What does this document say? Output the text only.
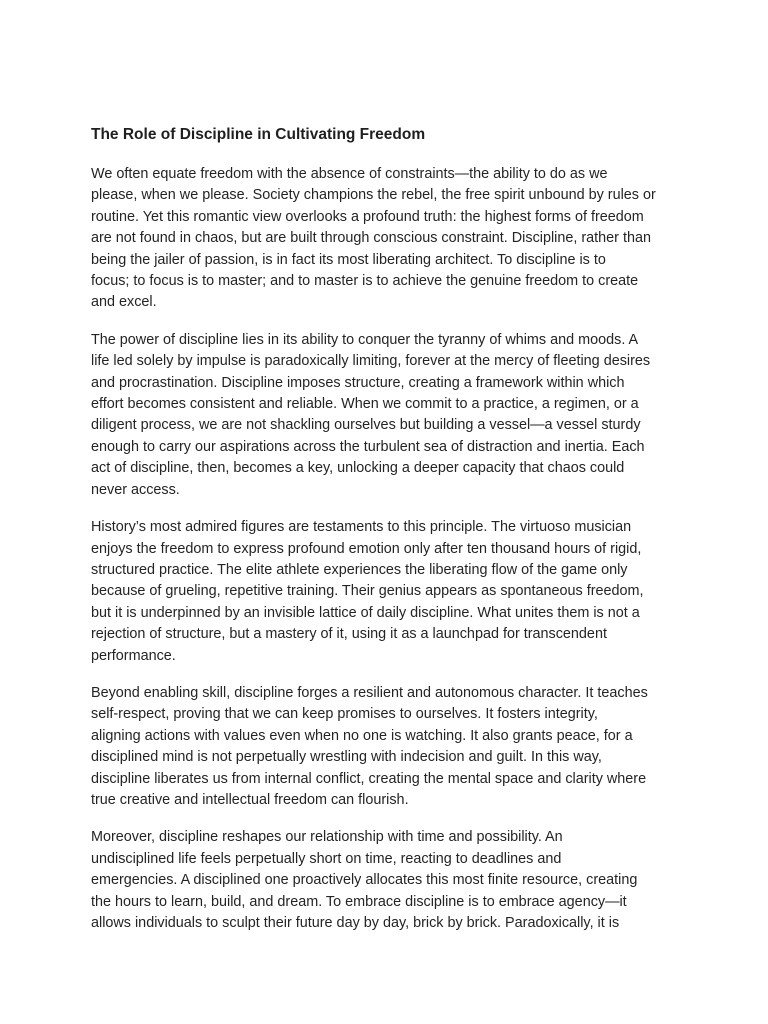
The Role of Discipline in Cultivating Freedom

We often equate freedom with the absence of constraints—the ability to do as we
please, when we please. Society champions the rebel, the free spirit unbound by rules or
routine. Yet this romantic view overlooks a profound truth: the highest forms of freedom
are not found in chaos, but are built through conscious constraint. Discipline, rather than
being the jailer of passion, is in fact its most liberating architect. To discipline is to
focus; to focus is to master; and to master is to achieve the genuine freedom to create
and excel.

The power of discipline lies in its ability to conquer the tyranny of whims and moods. A
life led solely by impulse is paradoxically limiting, forever at the mercy of fleeting desires
and procrastination. Discipline imposes structure, creating a framework within which
effort becomes consistent and reliable. When we commit to a practice, a regimen, or a
diligent process, we are not shackling ourselves but building a vessel—a vessel sturdy
enough to carry our aspirations across the turbulent sea of distraction and inertia. Each
act of discipline, then, becomes a key, unlocking a deeper capacity that chaos could
never access.

History’s most admired figures are testaments to this principle. The virtuoso musician
enjoys the freedom to express profound emotion only after ten thousand hours of rigid,
structured practice. The elite athlete experiences the liberating flow of the game only
because of grueling, repetitive training. Their genius appears as spontaneous freedom,
but it is underpinned by an invisible lattice of daily discipline. What unites them is not a
rejection of structure, but a mastery of it, using it as a launchpad for transcendent
performance.

Beyond enabling skill, discipline forges a resilient and autonomous character. It teaches
self-respect, proving that we can keep promises to ourselves. It fosters integrity,
aligning actions with values even when no one is watching. It also grants peace, for a
disciplined mind is not perpetually wrestling with indecision and guilt. In this way,
discipline liberates us from internal conflict, creating the mental space and clarity where
true creative and intellectual freedom can flourish.

Moreover, discipline reshapes our relationship with time and possibility. An
undisciplined life feels perpetually short on time, reacting to deadlines and
emergencies. A disciplined one proactively allocates this most finite resource, creating
the hours to learn, build, and dream. To embrace discipline is to embrace agency—it
allows individuals to sculpt their future day by day, brick by brick. Paradoxically, it is
